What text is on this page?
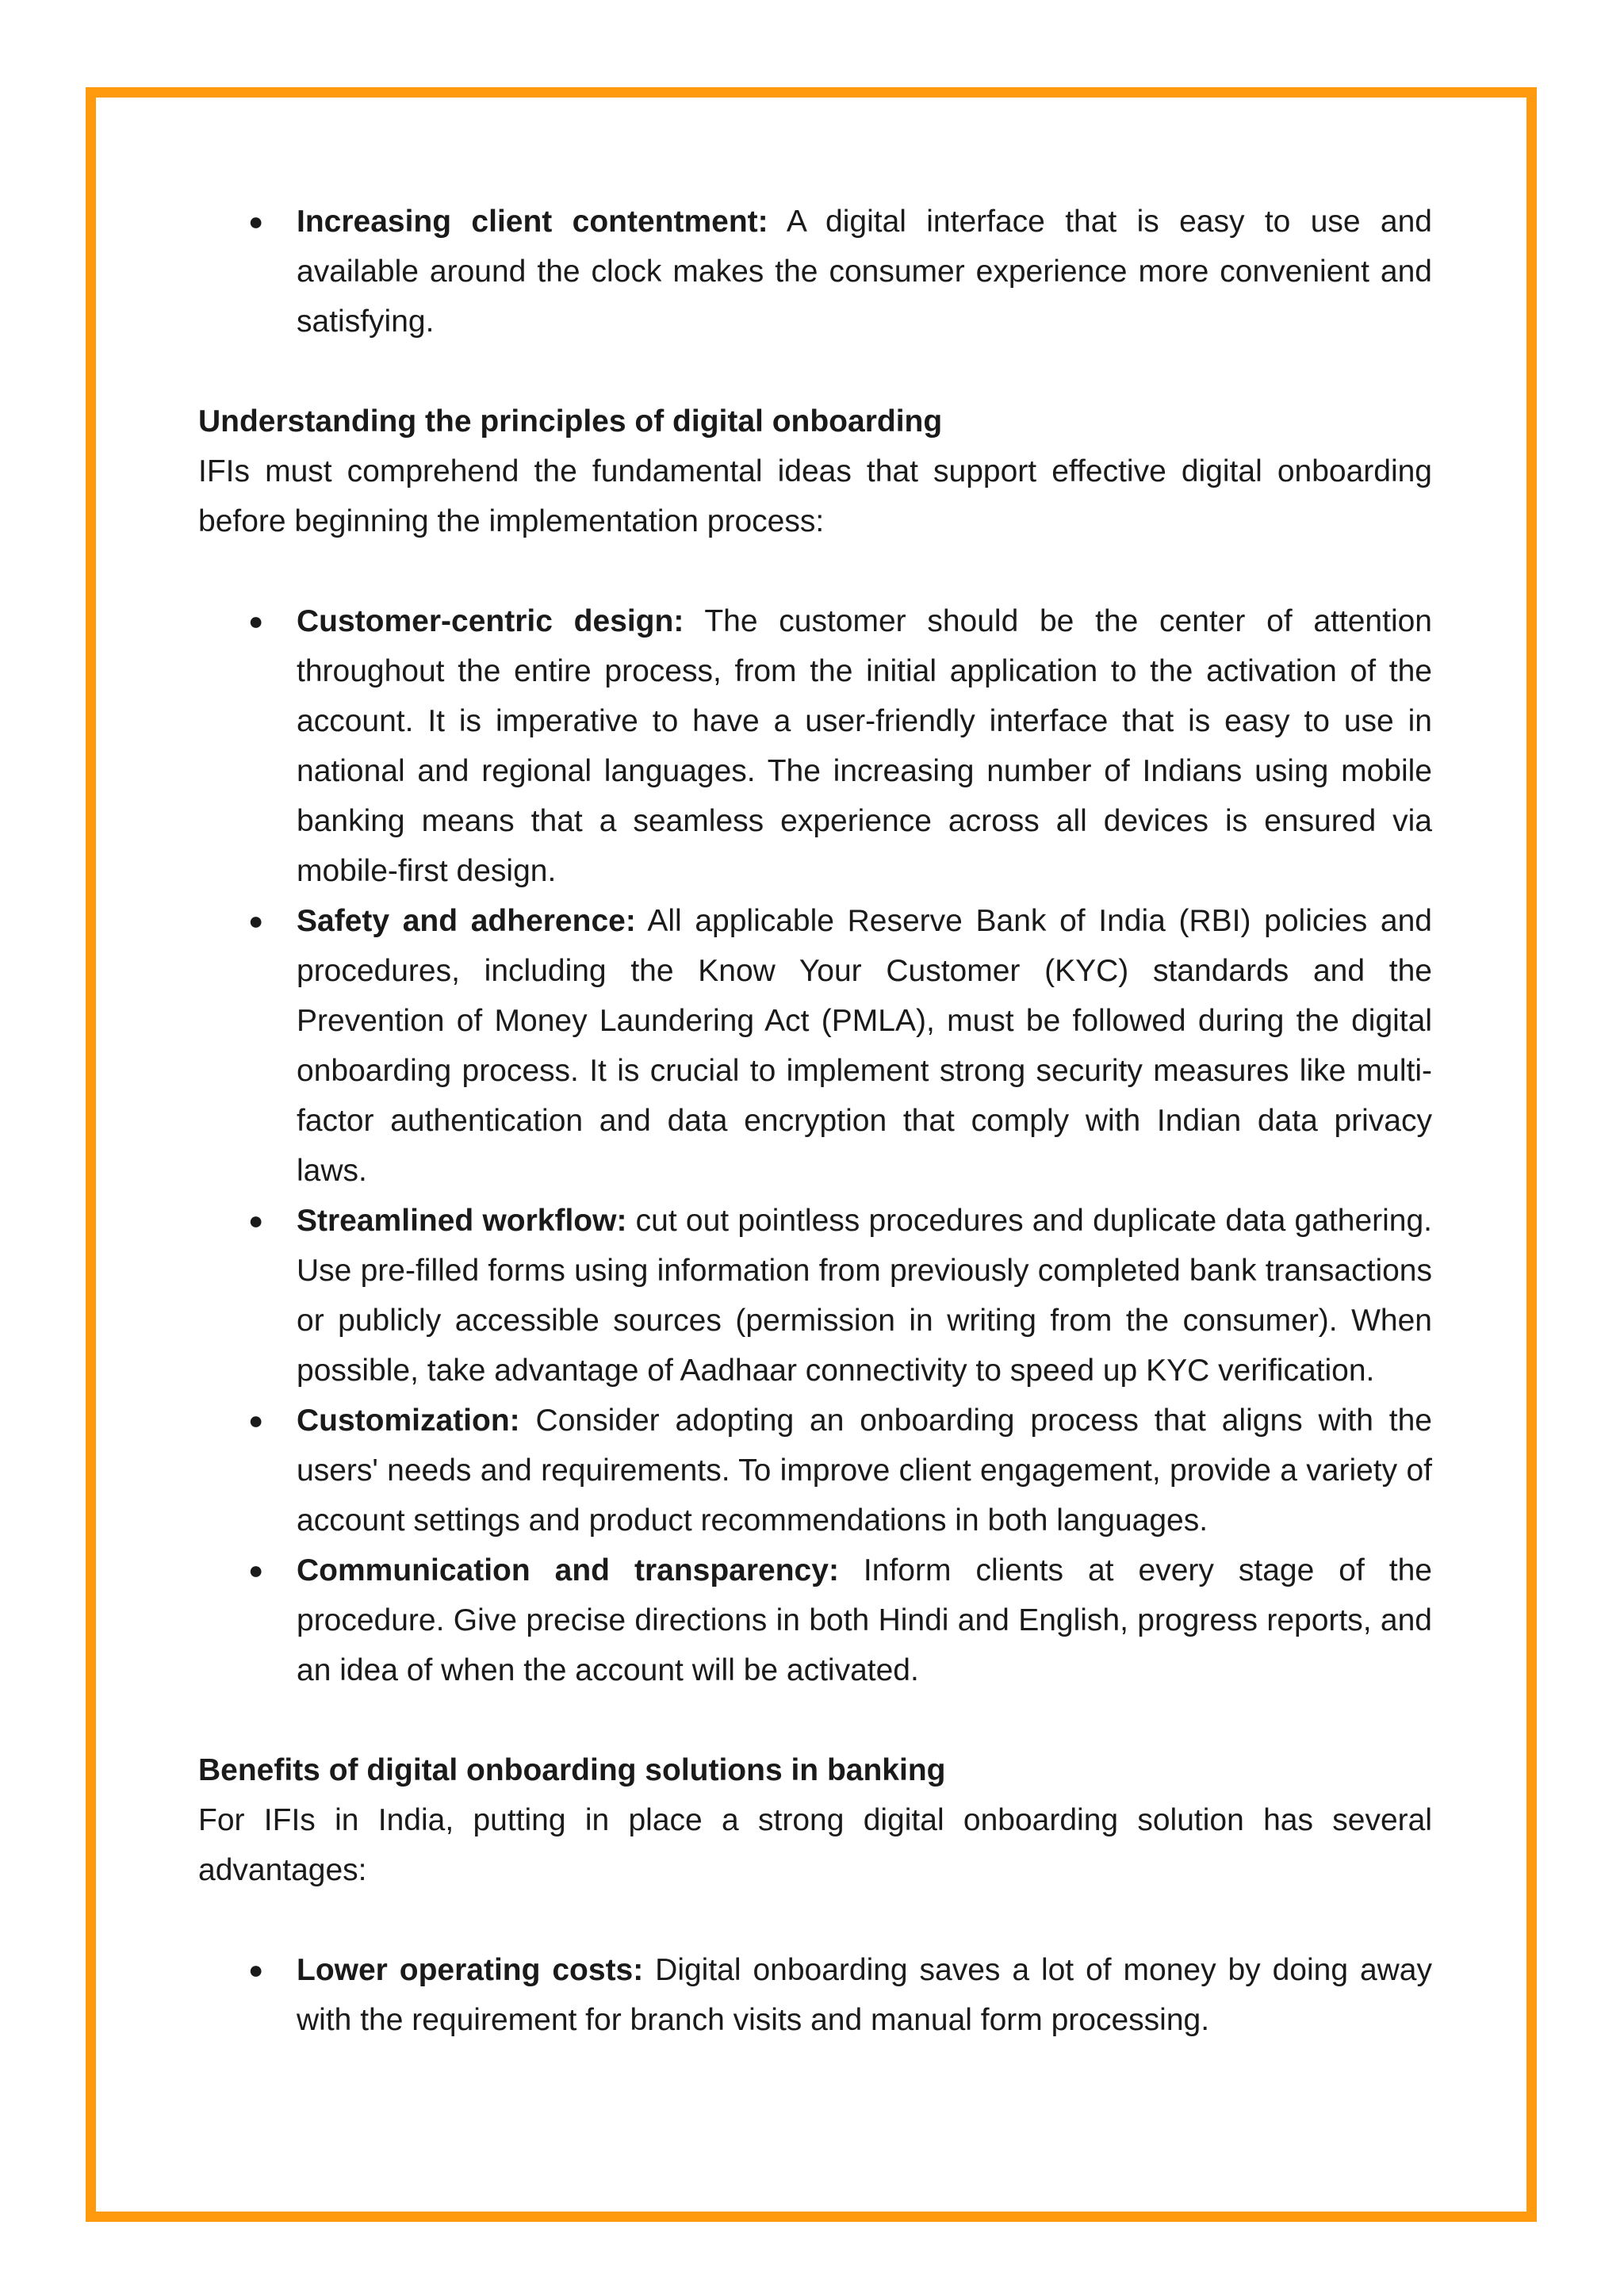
● Increasing client contentment: A digital interface that is easy to use and available around the clock makes the consumer experience more convenient and satisfying.

Understanding the principles of digital onboarding

IFIs must comprehend the fundamental ideas that support effective digital onboarding before beginning the implementation process:

● Customer-centric design: The customer should be the center of attention throughout the entire process, from the initial application to the activation of the account. It is imperative to have a user-friendly interface that is easy to use in national and regional languages. The increasing number of Indians using mobile banking means that a seamless experience across all devices is ensured via mobile-first design.
● Safety and adherence: All applicable Reserve Bank of India (RBI) policies and procedures, including the Know Your Customer (KYC) standards and the Prevention of Money Laundering Act (PMLA), must be followed during the digital onboarding process. It is crucial to implement strong security measures like multi-factor authentication and data encryption that comply with Indian data privacy laws.
● Streamlined workflow: cut out pointless procedures and duplicate data gathering. Use pre-filled forms using information from previously completed bank transactions or publicly accessible sources (permission in writing from the consumer). When possible, take advantage of Aadhaar connectivity to speed up KYC verification.
● Customization: Consider adopting an onboarding process that aligns with the users' needs and requirements. To improve client engagement, provide a variety of account settings and product recommendations in both languages.
● Communication and transparency: Inform clients at every stage of the procedure. Give precise directions in both Hindi and English, progress reports, and an idea of when the account will be activated.

Benefits of digital onboarding solutions in banking

For IFIs in India, putting in place a strong digital onboarding solution has several advantages:

● Lower operating costs: Digital onboarding saves a lot of money by doing away with the requirement for branch visits and manual form processing.
